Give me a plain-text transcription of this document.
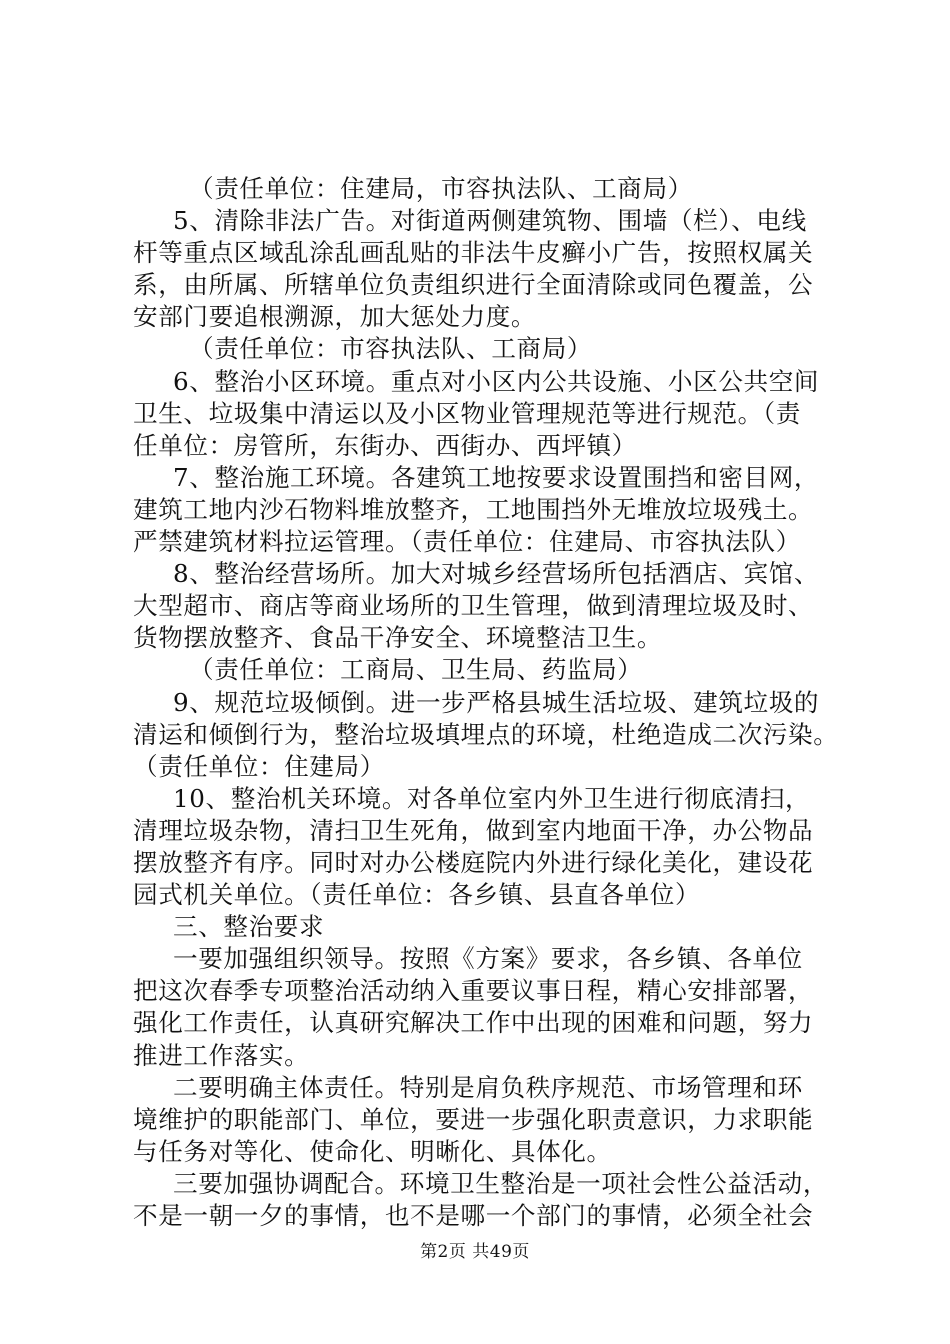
（责任单位：住建局，市容执法队、工商局）
5、清除非法广告。对街道两侧建筑物、围墙（栏）、电线
杆等重点区域乱涂乱画乱贴的非法牛皮癣小广告，按照权属关
系，由所属、所辖单位负责组织进行全面清除或同色覆盖，公
安部门要追根溯源，加大惩处力度。
（责任单位：市容执法队、工商局）
6、整治小区环境。重点对小区内公共设施、小区公共空间
卫生、垃圾集中清运以及小区物业管理规范等进行规范。（责
任单位：房管所，东街办、西街办、西坪镇）
7、整治施工环境。各建筑工地按要求设置围挡和密目网，
建筑工地内沙石物料堆放整齐，工地围挡外无堆放垃圾残土。
严禁建筑材料拉运管理。（责任单位：住建局、市容执法队）
8、整治经营场所。加大对城乡经营场所包括酒店、宾馆、
大型超市、商店等商业场所的卫生管理，做到清理垃圾及时、
货物摆放整齐、食品干净安全、环境整洁卫生。
（责任单位：工商局、卫生局、药监局）
9、规范垃圾倾倒。进一步严格县城生活垃圾、建筑垃圾的
清运和倾倒行为，整治垃圾填埋点的环境，杜绝造成二次污染。
（责任单位：住建局）
10、整治机关环境。对各单位室内外卫生进行彻底清扫，
清理垃圾杂物，清扫卫生死角，做到室内地面干净，办公物品
摆放整齐有序。同时对办公楼庭院内外进行绿化美化，建设花
园式机关单位。（责任单位：各乡镇、县直各单位）
三、整治要求
一要加强组织领导。按照《方案》要求，各乡镇、各单位
把这次春季专项整治活动纳入重要议事日程，精心安排部署，
强化工作责任，认真研究解决工作中出现的困难和问题，努力
推进工作落实。
二要明确主体责任。特别是肩负秩序规范、市场管理和环
境维护的职能部门、单位，要进一步强化职责意识，力求职能
与任务对等化、使命化、明晰化、具体化。
三要加强协调配合。环境卫生整治是一项社会性公益活动，
不是一朝一夕的事情，也不是哪一个部门的事情，必须全社会
第2页 共49页
